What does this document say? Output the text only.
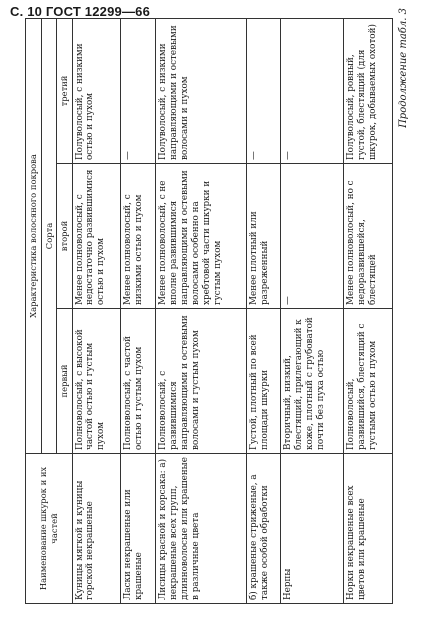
С. 10 ГОСТ 12299—66	Продолжение табл. 3
Наименование шкурок и их частей	Характеристика волосяного покрова		
	Сорта		
	первый	второй	третий
Куницы мягкой и куницы горской некрашеные	Полноволосый, с высокой частой остью и густым пухом	Менее полноволосый, с недостаточно развившимися остью и пухом	Полуволосый, с низкими остью и пухом
Ласки некрашеные или крашеные	Полноволосый, с частой остью и густым пухом	Менее полноволосый, с низкими остью и пухом	—
Лисицы красной и корсака: а) некрашеные всех групп, длинноволосые или крашеные в различные цвета	Полноволосый, с развившимися направляющими и остевыми волосами и густым пухом	Менее полноволосый, с не вполне развившимися направляющими и остевыми волосами особенно на хребтовой части шкурки и густым пухом	Полуволосый, с низкими направляющими и остевыми волосами и пухом
б) крашеные стриженые, а также особой обработки	Густой, плотный по всей площади шкурки	Менее плотный или разреженный	—
Нерпы	Вторичный, низкий, блестящий, прилегающий к коже, плотный с грубоватой почти без пуха остью	—	—
Норки некрашеные всех цветов или крашеные	Полноволосый, развившийся, блестящий с густыми остью и пухом	Менее полноволосый, но с недоразвившейся, блестящей	Полуволосый, ровный, густой, блестящий (для шкурок, добываемых охотой)
